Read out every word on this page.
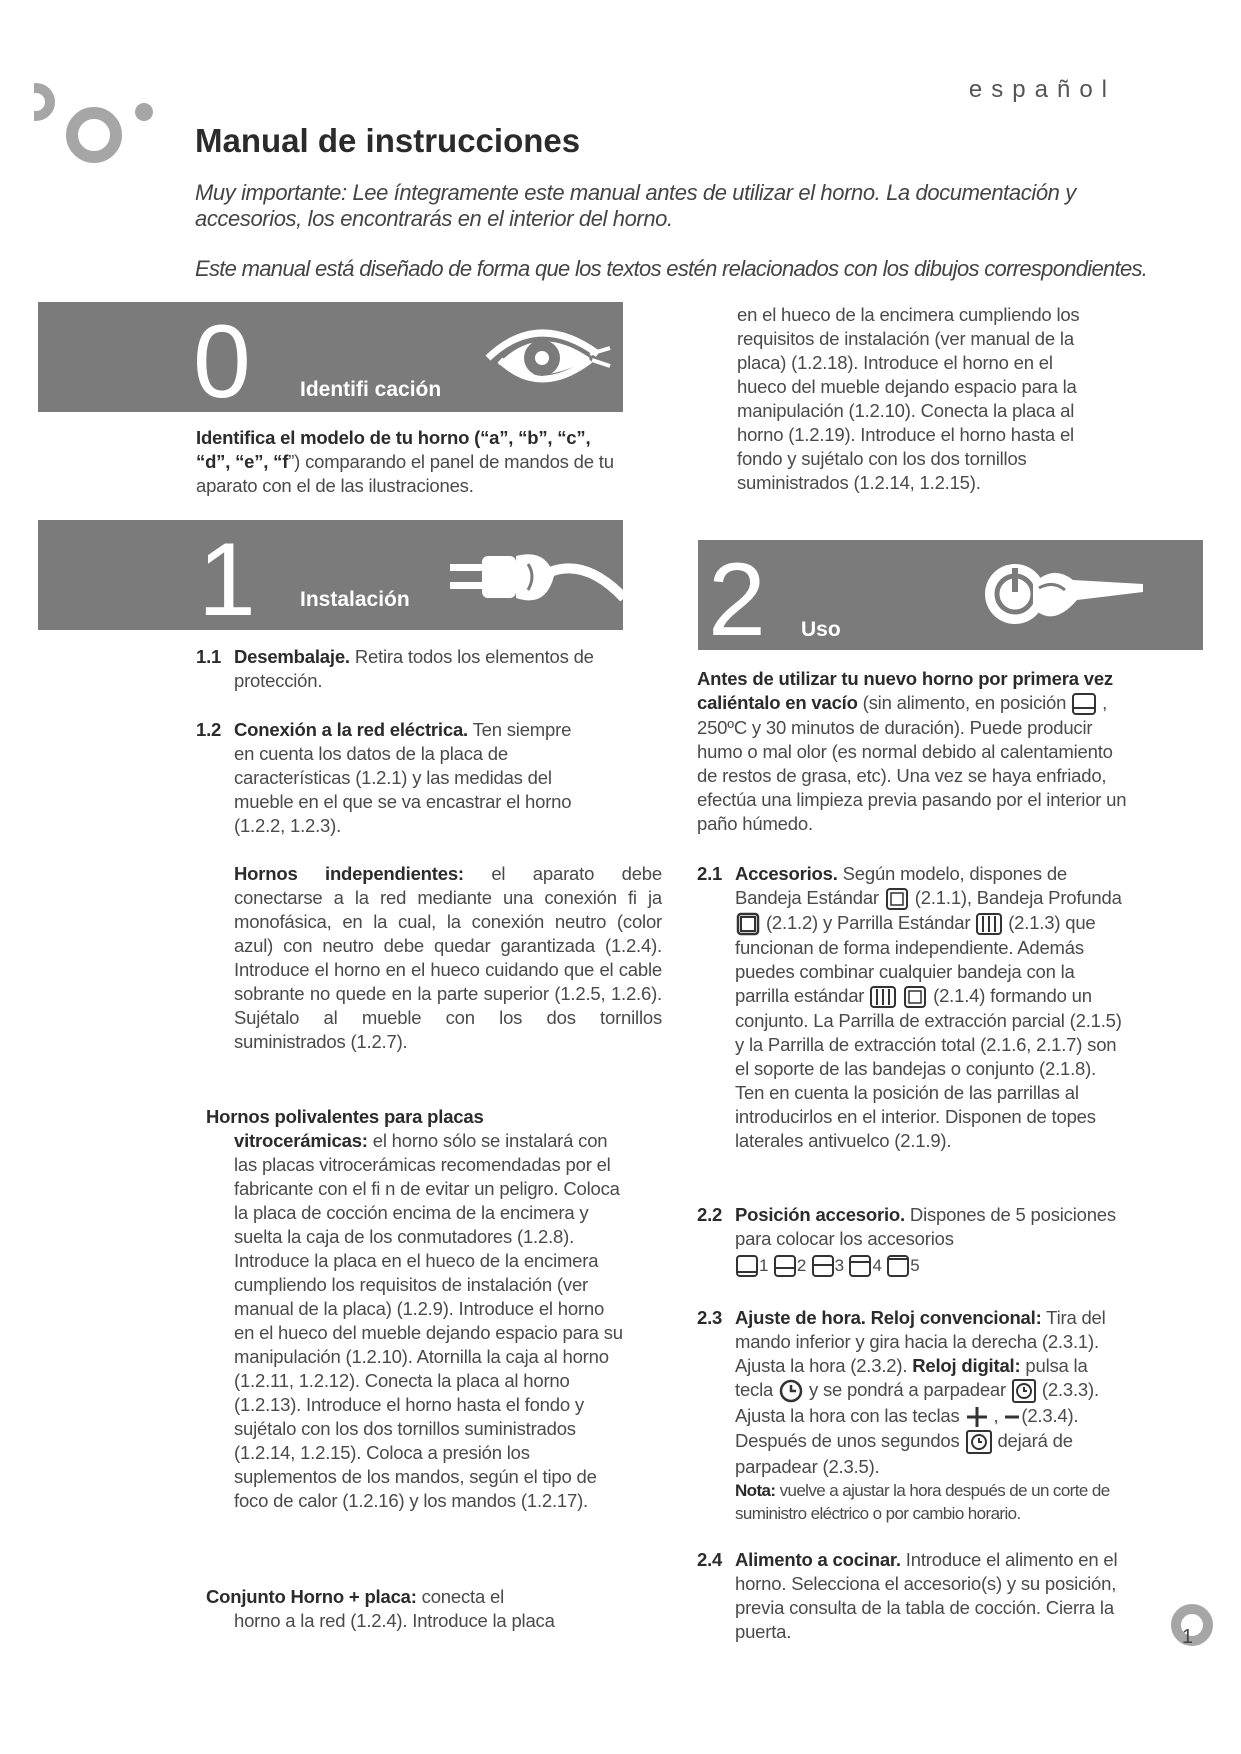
español
Manual de instrucciones
Muy importante: Lee íntegramente este manual antes de utilizar el horno. La documentación y accesorios, los encontrarás en el interior del horno.
Este manual está diseñado de forma que los textos estén relacionados con los dibujos correspondientes.
0 Identifi cación
Identifica el modelo de tu horno (“a”, “b”, “c”, “d”, “e”, “f”) comparando el panel de mandos de tu aparato con el de las ilustraciones.
1 Instalación
1.1 Desembalaje. Retira todos los elementos de protección.
1.2 Conexión a la red eléctrica. Ten siempre en cuenta los datos de la placa de características (1.2.1) y las medidas del mueble en el que se va encastrar el horno (1.2.2, 1.2.3).
Hornos independientes: el aparato debe conectarse a la red mediante una conexión fi ja monofásica, en la cual, la conexión neutro (color azul) con neutro debe quedar garantizada (1.2.4). Introduce el horno en el hueco cuidando que el cable sobrante no quede en la parte superior (1.2.5, 1.2.6). Sujétalo al mueble con los dos tornillos suministrados (1.2.7).
Hornos polivalentes para placas
vitrocerámicas: el horno sólo se instalará con las placas vitrocerámicas recomendadas por el fabricante con el fi n de evitar un peligro. Coloca la placa de cocción encima de la encimera y suelta la caja de los conmutadores (1.2.8). Introduce la placa en el hueco de la encimera cumpliendo los requisitos de instalación (ver manual de la placa) (1.2.9). Introduce el horno en el hueco del mueble dejando espacio para su manipulación (1.2.10). Atornilla la caja al horno (1.2.11, 1.2.12). Conecta la placa al horno (1.2.13). Introduce el horno hasta el fondo y sujétalo con los dos tornillos suministrados (1.2.14, 1.2.15). Coloca a presión los suplementos de los mandos, según el tipo de foco de calor (1.2.16) y los mandos (1.2.17).
Conjunto Horno + placa: conecta el
horno a la red (1.2.4). Introduce la placa
en el hueco de la encimera cumpliendo los requisitos de instalación (ver manual de la placa) (1.2.18). Introduce el horno en el hueco del mueble dejando espacio para la manipulación (1.2.10). Conecta la placa al horno (1.2.19). Introduce el horno hasta el fondo y sujétalo con los dos tornillos suministrados (1.2.14, 1.2.15).
2 Uso
Antes de utilizar tu nuevo horno por primera vez caliéntalo en vacío (sin alimento, en posición , 250ºC y 30 minutos de duración). Puede producir humo o mal olor (es normal debido al calentamiento de restos de grasa, etc). Una vez se haya enfriado, efectúa una limpieza previa pasando por el interior un paño húmedo.
2.1 Accesorios. Según modelo, dispones de Bandeja Estándar (2.1.1), Bandeja Profunda  (2.1.2) y Parrilla Estándar (2.1.3) que funcionan de forma independiente. Además puedes combinar cualquier bandeja con la parrilla estándar	(2.1.4) formando un conjunto. La Parrilla de extracción parcial (2.1.5) y la Parrilla de extracción total (2.1.6, 2.1.7) son el soporte de las bandejas o conjunto (2.1.8). Ten en cuenta la posición de las parrillas al introducirlos en el interior. Disponen de topes laterales antivuelco (2.1.9).
2.2 Posición accesorio. Dispones de 5 posiciones para colocar los accesorios
1 2 3 4 5
2.3 Ajuste de hora. Reloj convencional: Tira del mando inferior y gira hacia la derecha (2.3.1). Ajusta la hora (2.3.2). Reloj digital: pulsa la tecla y se pondrá a parpadear (2.3.3). Ajusta la hora con las teclas , (2.3.4). Después de unos segundos dejará de parpadear (2.3.5).
Nota: vuelve a ajustar la hora después de un corte de suministro eléctrico o por cambio horario.
2.4 Alimento a cocinar. Introduce el alimento en el horno. Selecciona el accesorio(s) y su posición, previa consulta de la tabla de cocción. Cierra la puerta.	1
